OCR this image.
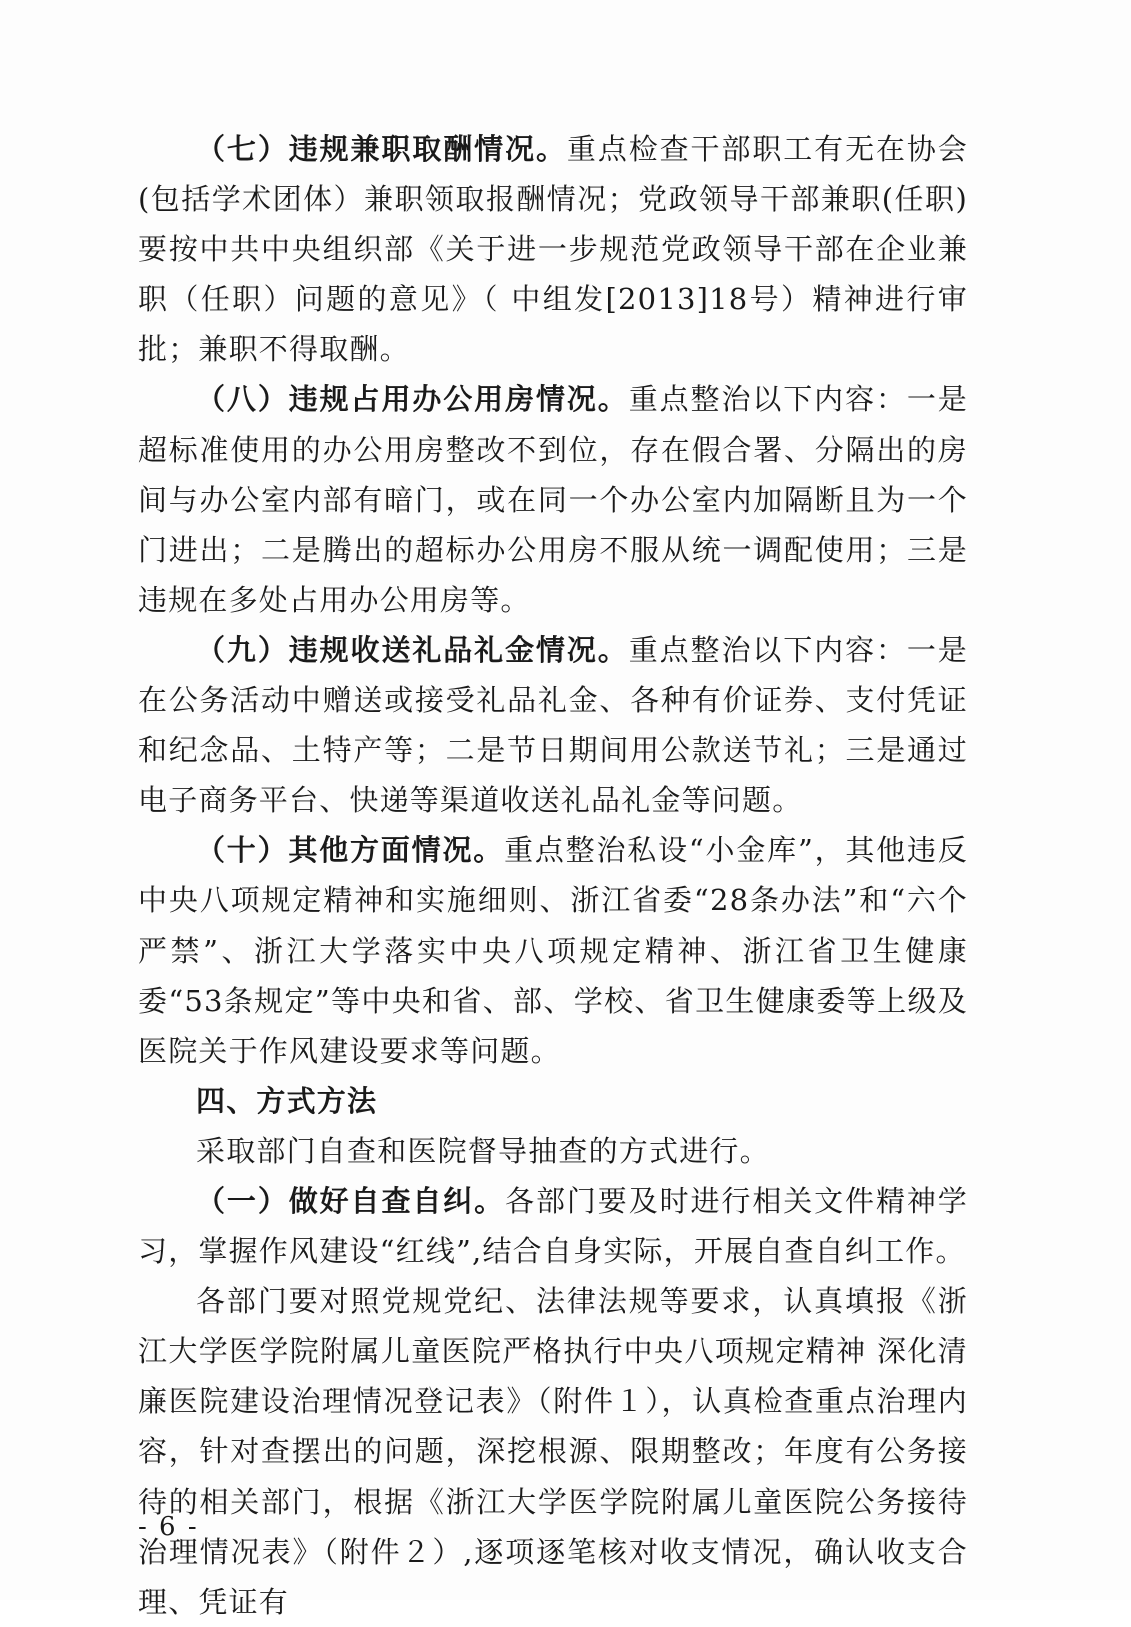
（七）违规兼职取酬情况。重点检查干部职工有无在协会(包括学术团体）兼职领取报酬情况；党政领导干部兼职(任职)要按中共中央组织部《关于进一步规范党政领导干部在企业兼职（任职）问题的意见》（ 中组发[2013]18号）精神进行审批；兼职不得取酬。

（八）违规占用办公用房情况。重点整治以下内容：一是超标准使用的办公用房整改不到位，存在假合署、分隔出的房间与办公室内部有暗门，或在同一个办公室内加隔断且为一个门进出；二是腾出的超标办公用房不服从统一调配使用；三是违规在多处占用办公用房等。

（九）违规收送礼品礼金情况。重点整治以下内容：一是在公务活动中赠送或接受礼品礼金、各种有价证券、支付凭证和纪念品、土特产等；二是节日期间用公款送节礼；三是通过电子商务平台、快递等渠道收送礼品礼金等问题。

（十）其他方面情况。重点整治私设“小金库”，其他违反中央八项规定精神和实施细则、浙江省委“28条办法”和“六个严禁”、浙江大学落实中央八项规定精神、浙江省卫生健康委“53条规定”等中央和省、部、学校、省卫生健康委等上级及医院关于作风建设要求等问题。

四、方式方法

采取部门自查和医院督导抽查的方式进行。

（一）做好自查自纠。各部门要及时进行相关文件精神学习，掌握作风建设“红线”,结合自身实际，开展自查自纠工作。

各部门要对照党规党纪、法律法规等要求，认真填报《浙江大学医学院附属儿童医院严格执行中央八项规定精神 深化清廉医院建设治理情况登记表》（附件１），认真检查重点治理内容，针对查摆出的问题，深挖根源、限期整改；年度有公务接待的相关部门，根据《浙江大学医学院附属儿童医院公务接待治理情况表》（附件２）,逐项逐笔核对收支情况，确认收支合理、凭证有

- 6 -
